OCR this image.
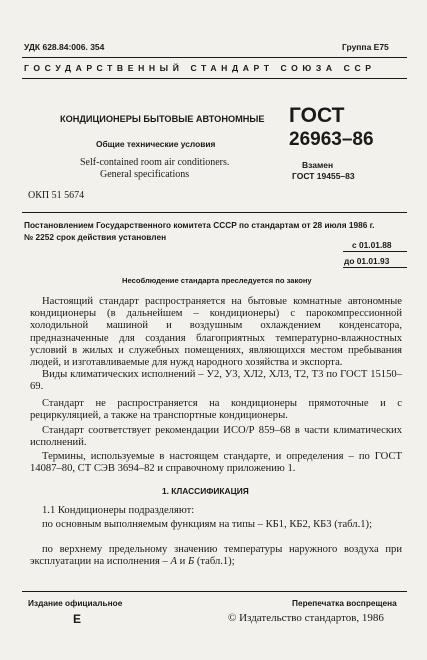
УДК 628.84:006. 354	Группа Е75
ГОСУДАРСТВЕННЫЙ СТАНДАРТ СОЮЗА ССР
КОНДИЦИОНЕРЫ БЫТОВЫЕ АВТОНОМНЫЕ
Общие технические условия
Self-contained room air conditioners.
General specifications
ГОСТ
26963–86
Взамен
ГОСТ 19455–83
ОКП 51 5674
Постановлением Государственного комитета СССР по стандартам от 28 июля 1986 г.
№ 2252 срок действия установлен
с 01.01.88
до 01.01.93
Несоблюдение стандарта преследуется по закону
Настоящий стандарт распространяется на бытовые комнатные автономные кондиционеры (в дальнейшем – кондиционеры) с парокомпрессионной холодильной машиной и воздушным охлаждением конденсатора, предназначенные для создания благоприятных температурно-влажностных условий в жилых и служебных помещениях, являющихся местом пребывания людей, и изготавливаемые для нужд народного хозяйства и экспорта.
Виды климатических исполнений – У2, У3, ХЛ2, ХЛ3, Т2, Т3 по ГОСТ 15150–69.
Стандарт не распространяется на кондиционеры прямоточные и с рециркуляцией, а также на транспортные кондиционеры.
Стандарт соответствует рекомендации ИСО/Р 859–68 в части климатических исполнений.
Термины, используемые в настоящем стандарте, и определения – по ГОСТ 14087–80, СТ СЭВ 3694–82 и справочному приложению 1.
1. КЛАССИФИКАЦИЯ
1.1 Кондиционеры подразделяют:
по основным выполняемым функциям на типы – КБ1, КБ2, КБ3 (табл.1);
по верхнему предельному значению температуры наружного воздуха при эксплуатации на исполнения – А и Б (табл.1);
Издание официальное	Перепечатка воспрещена
Е	© Издательство стандартов, 1986
